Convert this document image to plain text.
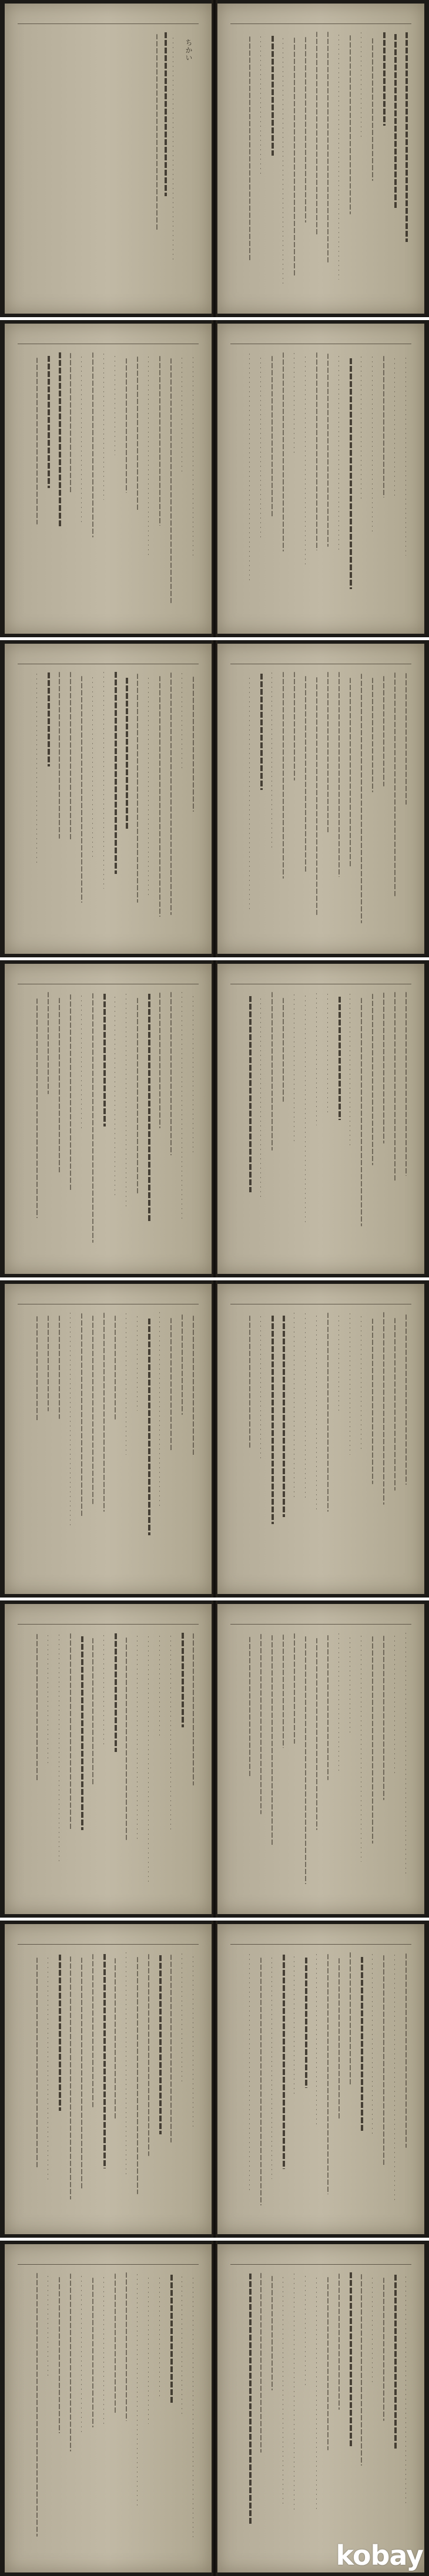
ちかい
kobay
